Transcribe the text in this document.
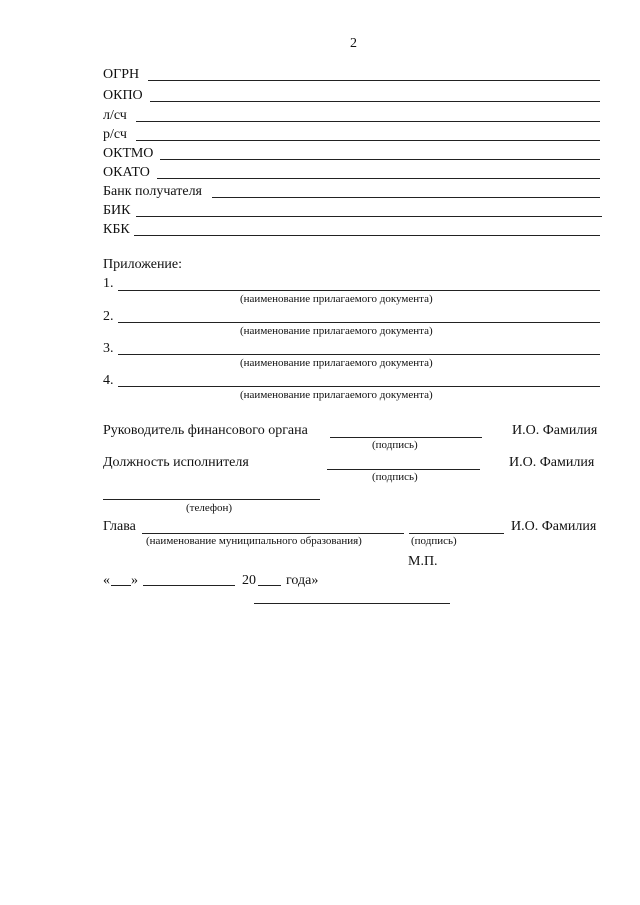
2
ОГРН
ОКПО
л/сч
р/сч
ОКТМО
ОКАТО
Банк получателя
БИК
КБК
Приложение:
1.
(наименование прилагаемого документа)
2.
(наименование прилагаемого документа)
3.
(наименование прилагаемого документа)
4.
(наименование прилагаемого документа)
Руководитель финансового органа
(подпись)
И.О. Фамилия
Должность исполнителя
(подпись)
И.О. Фамилия
(телефон)
Глава
(наименование муниципального образования)	(подпись)
И.О. Фамилия
М.П.
« »	20 года»
